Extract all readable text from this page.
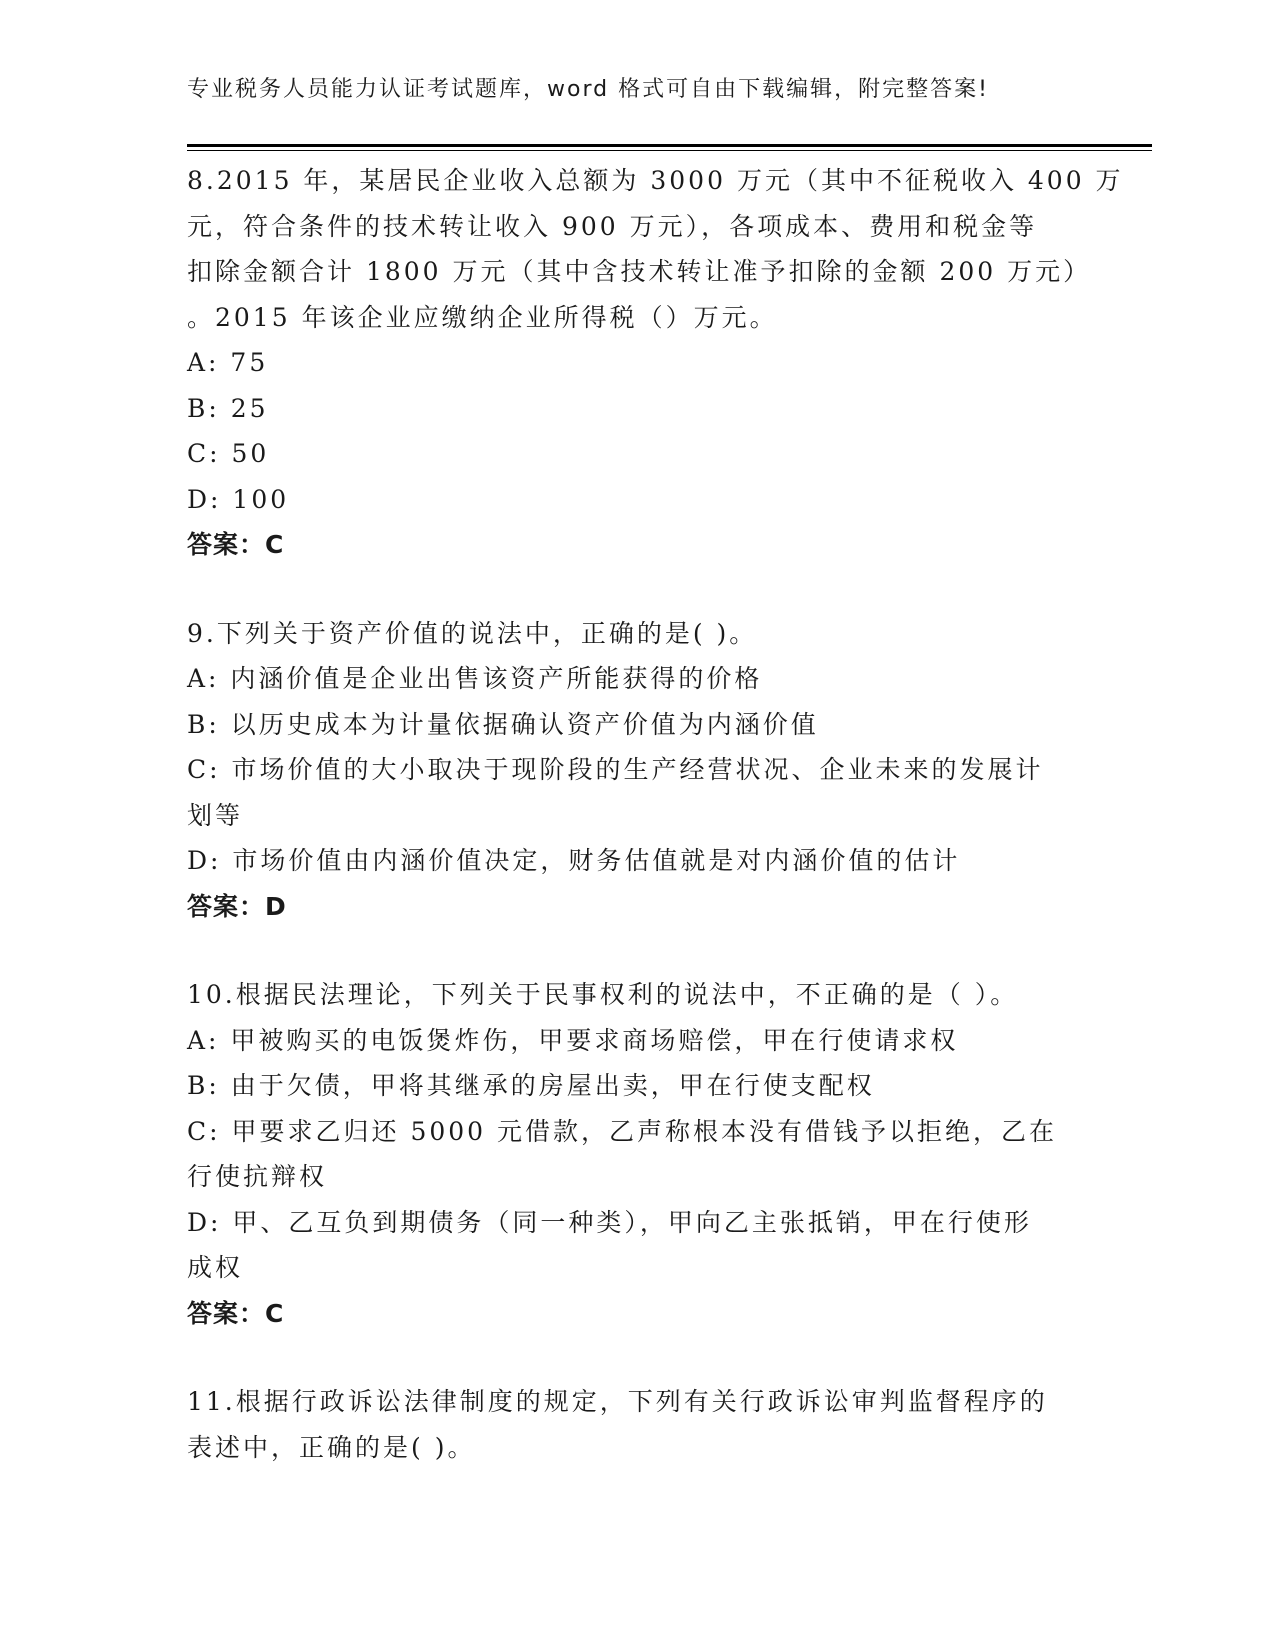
专业税务人员能力认证考试题库，word 格式可自由下载编辑，附完整答案!
8.2015 年，某居民企业收入总额为 3000 万元（其中不征税收入 400 万
元，符合条件的技术转让收入 900 万元），各项成本、费用和税金等
扣除金额合计 1800 万元（其中含技术转让准予扣除的金额 200 万元）
。2015 年该企业应缴纳企业所得税（）万元。
A: 75
B: 25
C: 50
D: 100
答案：C
9.下列关于资产价值的说法中，正确的是( )。
A: 内涵价值是企业出售该资产所能获得的价格
B: 以历史成本为计量依据确认资产价值为内涵价值
C: 市场价值的大小取决于现阶段的生产经营状况、企业未来的发展计
划等
D: 市场价值由内涵价值决定，财务估值就是对内涵价值的估计
答案：D
10.根据民法理论，下列关于民事权利的说法中，不正确的是（ ）。
A: 甲被购买的电饭煲炸伤，甲要求商场赔偿，甲在行使请求权
B: 由于欠债，甲将其继承的房屋出卖，甲在行使支配权
C: 甲要求乙归还 5000 元借款，乙声称根本没有借钱予以拒绝，乙在
行使抗辩权
D: 甲、乙互负到期债务（同一种类），甲向乙主张抵销，甲在行使形
成权
答案：C
11.根据行政诉讼法律制度的规定，下列有关行政诉讼审判监督程序的
表述中，正确的是( )。
